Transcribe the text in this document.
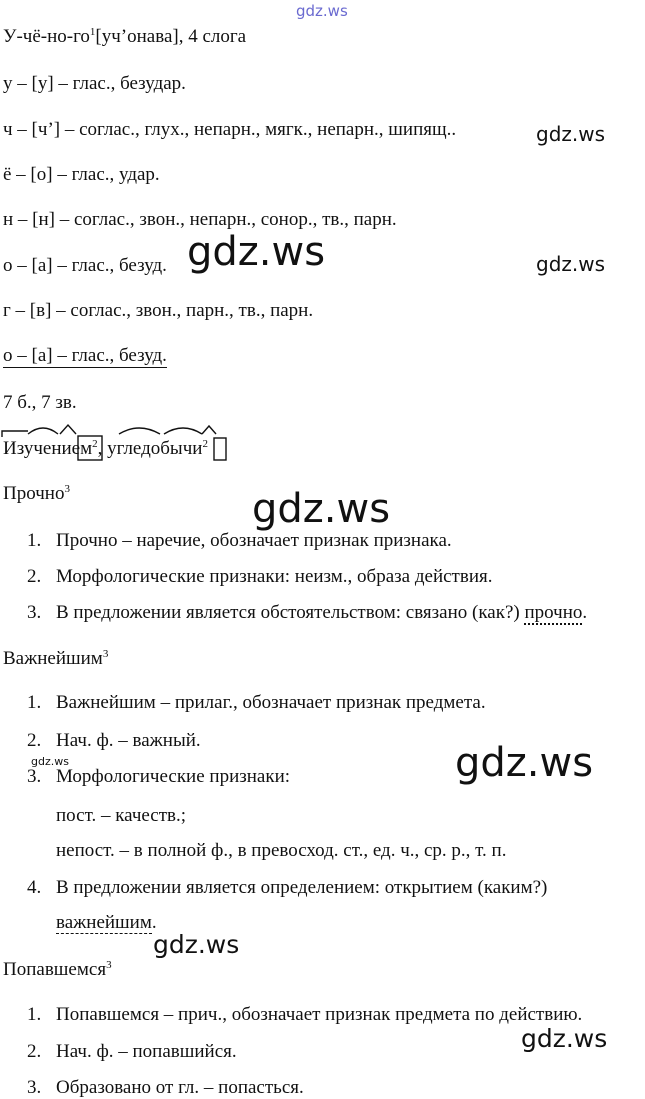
gdz.ws
$У-чё-но-го^1[уч’онава]$, 4 слога
у – [у] – глас., безудар.
ч – [ч’] – соглас., глух., непарн., мягк., непарн., шипящ..
ё – [о] – глас., удар.
н – [н] – соглас., звон., непарн., сонор., тв., парн.
о – [а] – глас., безуд.
г – [в] – соглас., звон., парн., тв., парн.
о – [а] – глас., безуд.
7 б., 7 зв.
Изучением$^2$, угледобычи$^2$
Прочно$^3$
1. Прочно – наречие, обозначает признак признака.
2. Морфологические признаки: неизм., образа действия.
3. В предложении является обстоятельством: связано (как?) прочно.
Важнейшим$^3$
1. Важнейшим – прилаг., обозначает признак предмета.
2. Нач. ф. – важный.
3. Морфологические признаки:
пост. – качеств.;
непост. – в полной ф., в превосход. ст., ед. ч., ср. р., т. п.
4. В предложении является определением: открытием (каким?)
важнейшим.
Попавшемся$^3$
1. Попавшемся – прич., обозначает признак предмета по действию.
2. Нач. ф. – попавшийся.
3. Образовано от гл. – попасться.
gdz.ws
gdz.ws	gdz.ws
gdz.ws
gdz.ws	gdz.ws
gdz.ws
gdz.ws
